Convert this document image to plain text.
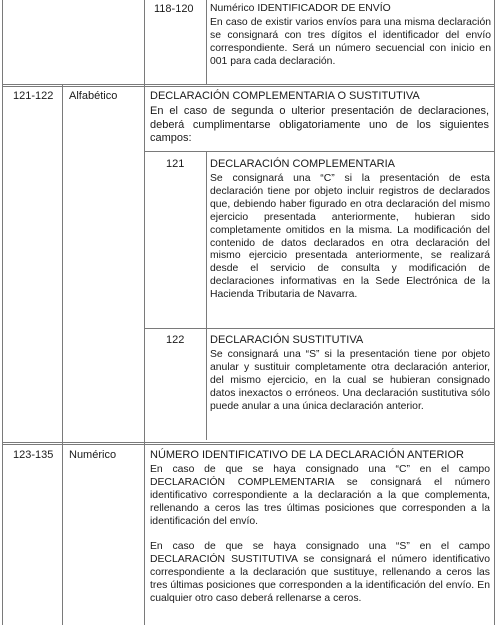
118-120 Numérico IDENTIFICADOR DE ENVÍO
En caso de existir varios envíos para una misma declaración se consignará con tres dígitos el identificador del envío correspondiente. Será un número secuencial con inicio en 001 para cada declaración.
121-122 Alfabético	DECLARACIÓN COMPLEMENTARIA O SUSTITUTIVA
En el caso de segunda o ulterior presentación de declaraciones, deberá cumplimentarse obligatoriamente uno de los siguientes campos:
121 DECLARACIÓN COMPLEMENTARIA
Se consignará una “C” si la presentación de esta declaración tiene por objeto incluir registros de declarados que, debiendo haber figurado en otra declaración del mismo ejercicio presentada anteriormente, hubieran sido completamente omitidos en la misma. La modificación del contenido de datos declarados en otra declaración del mismo ejercicio presentada anteriormente, se realizará desde el servicio de consulta y modificación de declaraciones informativas en la Sede Electrónica de la Hacienda Tributaria de Navarra.
122 DECLARACIÓN SUSTITUTIVA
Se consignará una “S” si la presentación tiene por objeto anular y sustituir completamente otra declaración anterior, del mismo ejercicio, en la cual se hubieran consignado datos inexactos o erróneos. Una declaración sustitutiva sólo puede anular a una única declaración anterior.
123-135 Numérico	NÚMERO IDENTIFICATIVO DE LA DECLARACIÓN ANTERIOR
En caso de que se haya consignado una “C” en el campo DECLARACIÓN COMPLEMENTARIA se consignará el número identificativo correspondiente a la declaración a la que complementa, rellenando a ceros las tres últimas posiciones que corresponden a la identificación del envío.
En caso de que se haya consignado una “S” en el campo DECLARACIÓN SUSTITUTIVA se consignará el número identificativo correspondiente a la declaración que sustituye, rellenando a ceros las tres últimas posiciones que corresponden a la identificación del envío. En cualquier otro caso deberá rellenarse a ceros.
